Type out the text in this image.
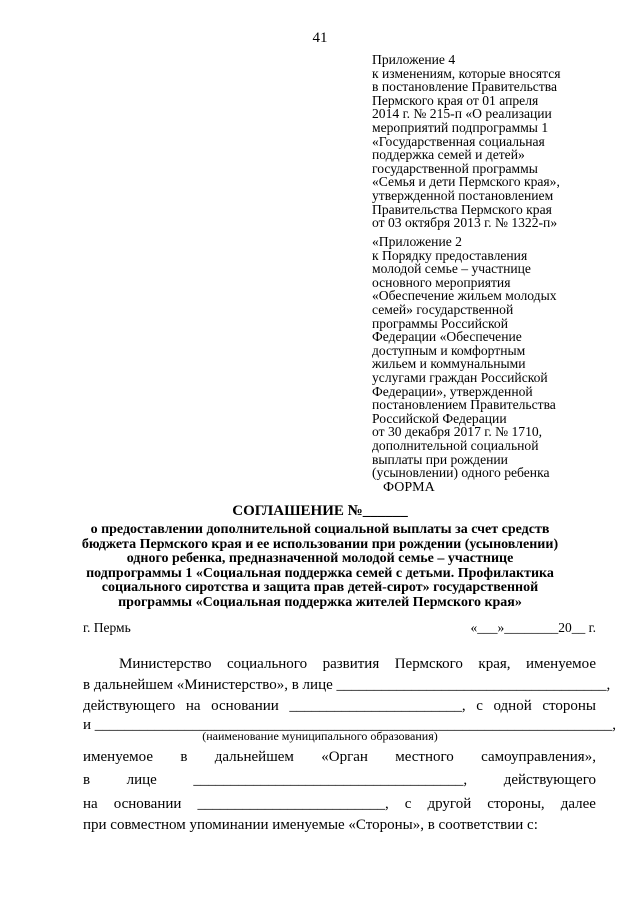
41
Приложение 4
к изменениям, которые вносятся
в постановление Правительства
Пермского края от 01 апреля
2014 г. № 215-п «О реализации
мероприятий подпрограммы 1
«Государственная социальная
поддержка семей и детей»
государственной программы
«Семья и дети Пермского края»,
утвержденной постановлением
Правительства Пермского края
от 03 октября 2013 г. № 1322-п»
«Приложение 2
к Порядку предоставления
молодой семье – участнице
основного мероприятия
«Обеспечение жильем молодых
семей» государственной
программы Российской
Федерации «Обеспечение
доступным и комфортным
жильем и коммунальными
услугами граждан Российской
Федерации», утвержденной
постановлением Правительства
Российской Федерации
от 30 декабря 2017 г. № 1710,
дополнительной социальной
выплаты при рождении
(усыновлении) одного ребенка
ФОРМА
СОГЛАШЕНИЕ №______
о предоставлении дополнительной социальной выплаты за счет средств
бюджета Пермского края и ее использовании при рождении (усыновлении)
одного ребенка, предназначенной молодой семье – участнице
подпрограммы 1 «Социальная поддержка семей с детьми. Профилактика
социального сиротства и защита прав детей-сирот» государственной
программы «Социальная поддержка жителей Пермского края»
г. Пермь	«___»________20__ г.
Министерство социального развития Пермского края, именуемое
в дальнейшем «Министерство», в лице ____________________________________,
действующего на основании _______________________, с одной стороны
и _____________________________________________________________________,
(наименование муниципального образования)
именуемое в дальнейшем «Орган местного самоуправления»,
в лице ____________________________________, действующего
на основании _________________________, с другой стороны, далее
при совместном упоминании именуемые «Стороны», в соответствии с:
